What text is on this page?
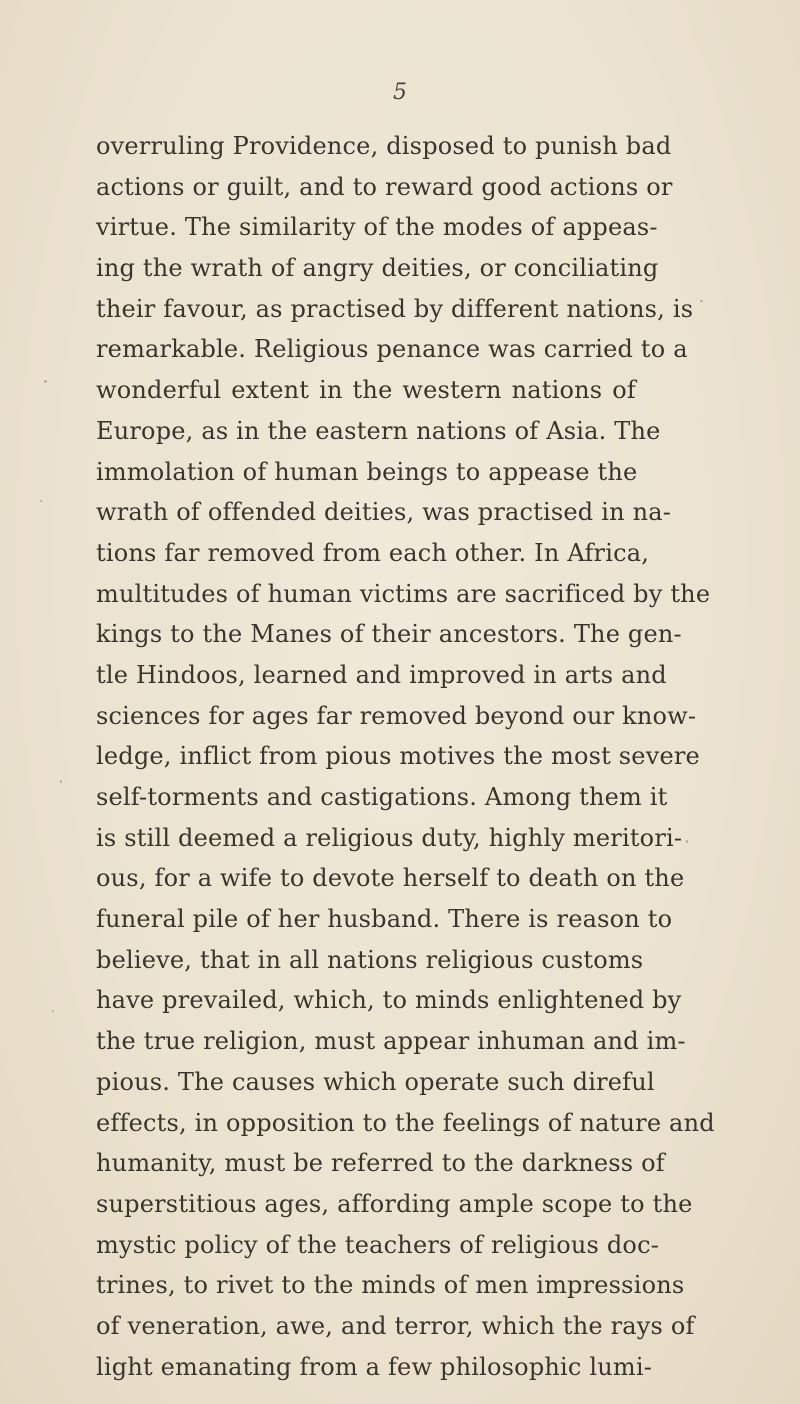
5
overruling Providence, disposed to punish bad
actions or guilt, and to reward good actions or
virtue. The similarity of the modes of appeas-
ing the wrath of angry deities, or conciliating
their favour, as practised by different nations, is
remarkable. Religious penance was carried to a
wonderful extent in the western nations of
Europe, as in the eastern nations of Asia. The
immolation of human beings to appease the
wrath of offended deities, was practised in na-
tions far removed from each other. In Africa,
multitudes of human victims are sacrificed by the
kings to the Manes of their ancestors. The gen-
tle Hindoos, learned and improved in arts and
sciences for ages far removed beyond our know-
ledge, inflict from pious motives the most severe
self-torments and castigations. Among them it
is still deemed a religious duty, highly meritori-
ous, for a wife to devote herself to death on the
funeral pile of her husband. There is reason to
believe, that in all nations religious customs
have prevailed, which, to minds enlightened by
the true religion, must appear inhuman and im-
pious. The causes which operate such direful
effects, in opposition to the feelings of nature and
humanity, must be referred to the darkness of
superstitious ages, affording ample scope to the
mystic policy of the teachers of religious doc-
trines, to rivet to the minds of men impressions
of veneration, awe, and terror, which the rays of
light emanating from a few philosophic lumi-
